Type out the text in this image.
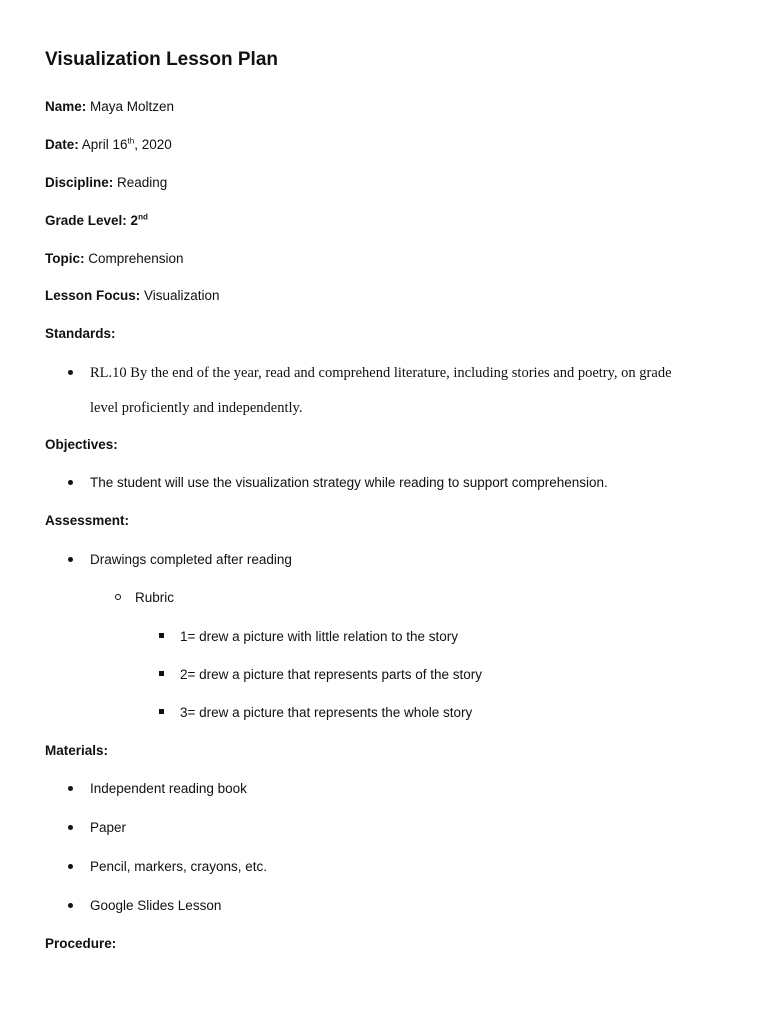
Visualization Lesson Plan
Name: Maya Moltzen
Date: April 16th, 2020
Discipline: Reading
Grade Level: 2nd
Topic: Comprehension
Lesson Focus: Visualization
Standards:
RL.10 By the end of the year, read and comprehend literature, including stories and poetry, on grade
level proficiently and independently.
Objectives:
The student will use the visualization strategy while reading to support comprehension.
Assessment:
Drawings completed after reading
Rubric
1= drew a picture with little relation to the story
2= drew a picture that represents parts of the story
3= drew a picture that represents the whole story
Materials:
Independent reading book
Paper
Pencil, markers, crayons, etc.
Google Slides Lesson
Procedure:
